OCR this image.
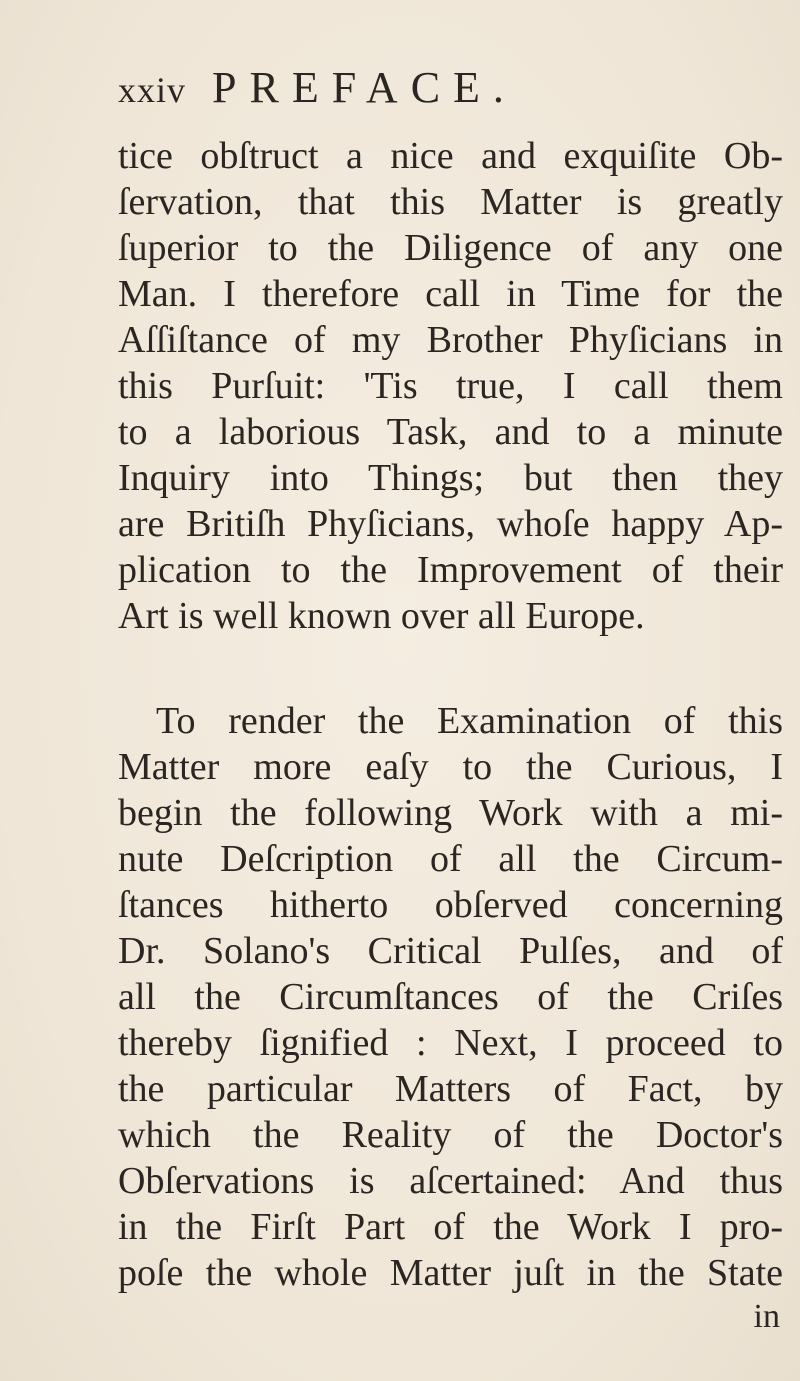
xxiv PREFACE.
tice obſtruct a nice and exquiſite Ob-
ſervation, that this Matter is greatly
ſuperior to the Diligence of any one
Man. I therefore call in Time for the
Aſſiſtance of my Brother Phyſicians in
this Purſuit: 'Tis true, I call them
to a laborious Task, and to a minute
Inquiry into Things; but then they
are Britiſh Phyſicians, whoſe happy Ap-
plication to the Improvement of their
Art is well known over all Europe.
To render the Examination of this
Matter more eaſy to the Curious, I
begin the following Work with a mi-
nute Deſcription of all the Circum-
ſtances hitherto obſerved concerning
Dr. Solano's Critical Pulſes, and of
all the Circumſtances of the Criſes
thereby ſignified : Next, I proceed to
the particular Matters of Fact, by
which the Reality of the Doctor's
Obſervations is aſcertained: And thus
in the Firſt Part of the Work I pro-
poſe the whole Matter juſt in the State
in
